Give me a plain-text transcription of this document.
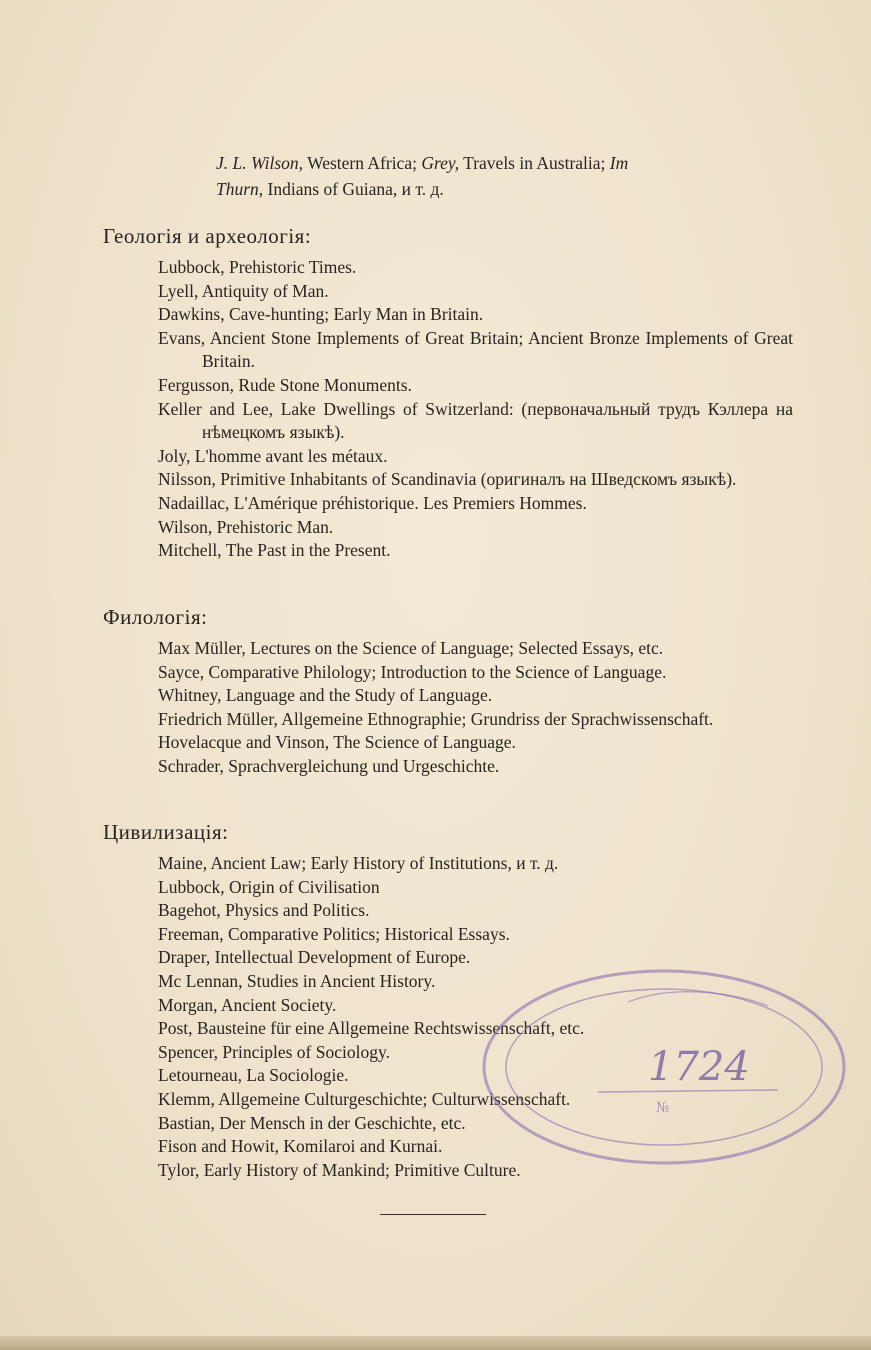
J. L. Wilson, Western Africa; Grey, Travels in Australia; Im
Thurn, Indians of Guiana, и т. д.
Геологія и археологія:
Lubbock, Prehistoric Times.
Lyell, Antiquity of Man.
Dawkins, Cave-hunting; Early Man in Britain.
Evans, Ancient Stone Implements of Great Britain; Ancient Bronze Implements of Great Britain.
Fergusson, Rude Stone Monuments.
Keller and Lee, Lake Dwellings of Switzerland: (первоначальный трудъ Кэллера на нѣмецкомъ языкѣ).
Joly, L'homme avant les métaux.
Nilsson, Primitive Inhabitants of Scandinavia (оригиналъ на Шведскомъ языкѣ).
Nadaillac, L'Amérique préhistorique. Les Premiers Hommes.
Wilson, Prehistoric Man.
Mitchell, The Past in the Present.
Филологія:
Max Müller, Lectures on the Science of Language; Selected Essays, etc.
Sayce, Comparative Philology; Introduction to the Science of Language.
Whitney, Language and the Study of Language.
Friedrich Müller, Allgemeine Ethnographie; Grundriss der Sprachwissenschaft.
Hovelacque and Vinson, The Science of Language.
Schrader, Sprachvergleichung und Urgeschichte.
Цивилизація:
Maine, Ancient Law; Early History of Institutions, и т. д.
Lubbock, Origin of Civilisation
Bagehot, Physics and Politics.
Freeman, Comparative Politics; Historical Essays.
Draper, Intellectual Development of Europe.
Mc Lennan, Studies in Ancient History.
Morgan, Ancient Society.
Post, Bausteine für eine Allgemeine Rechtswissenschaft, etc.
Spencer, Principles of Sociology.
Letourneau, La Sociologie.
Klemm, Allgemeine Culturgeschichte; Culturwissenschaft.
Bastian, Der Mensch in der Geschichte, etc.
Fison and Howit, Komilaroi and Kurnai.
Tylor, Early History of Mankind; Primitive Culture.
1724
№
